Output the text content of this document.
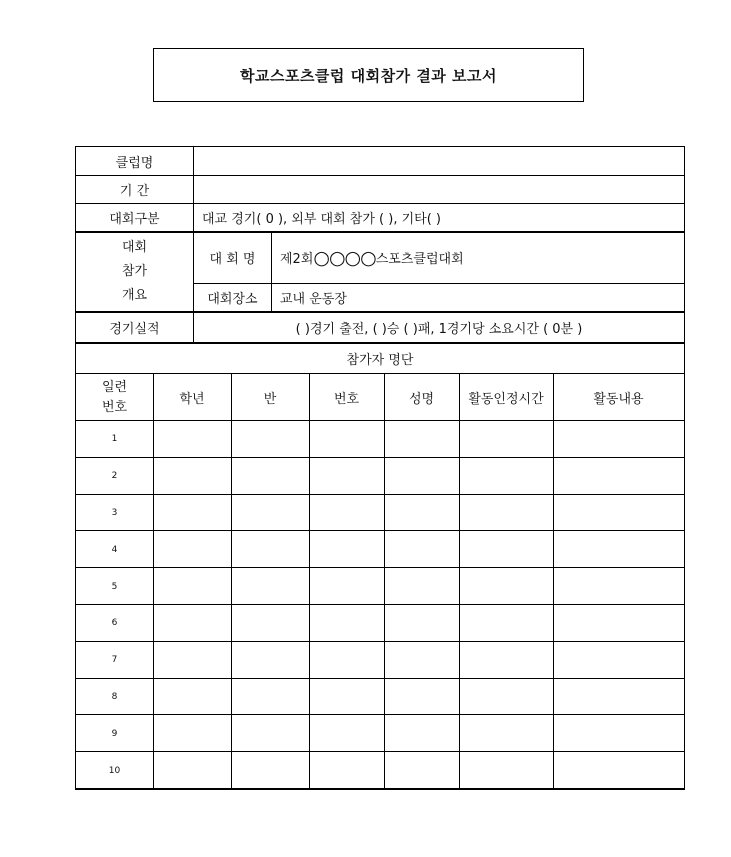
학교스포츠클럽 대회참가 결과 보고서
클럽명
기 간
대회구분	대교 경기( 0 ), 외부 대회 참가 ( ), 기타( )
대회
참가
개요
대 회 명	제2회 ○○○○ 스포츠클럽대회
대회장소	교내 운동장
경기실적	( )경기 출전, ( )승 ( )패, 1경기당 소요시간 ( 0분 )
참가자 명단
일련
번호	학년	반	번호	성명	활동인정시간	활동내용
1
2
3
4
5
6
7
8
9
10
